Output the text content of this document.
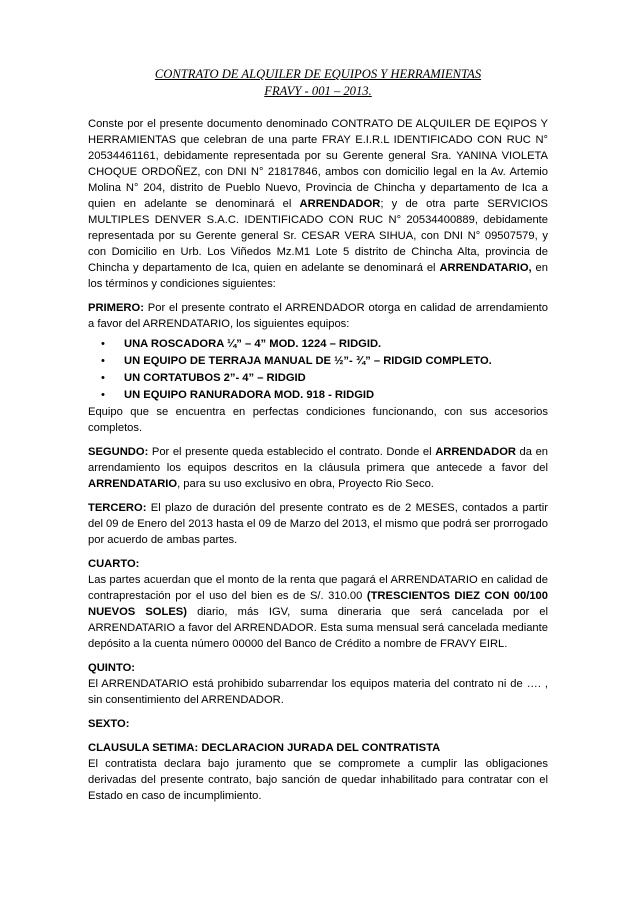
CONTRATO DE ALQUILER DE EQUIPOS Y HERRAMIENTAS
FRAVY - 001 – 2013.

Conste por el presente documento denominado CONTRATO DE ALQUILER DE EQIPOS Y HERRAMIENTAS que celebran de una parte FRAY E.I.R.L IDENTIFICADO CON RUC N° 20534461161, debidamente representada por su Gerente general Sra. YANINA VIOLETA CHOQUE ORDOÑEZ, con DNI N° 21817846, ambos con domicilio legal en la Av. Artemio Molina N° 204, distrito de Pueblo Nuevo, Provincia de Chincha y departamento de Ica a quien en adelante se denominará el ARRENDADOR; y de otra parte SERVICIOS MULTIPLES DENVER S.A.C. IDENTIFICADO CON RUC N° 20534400889, debidamente representada por su Gerente general Sr. CESAR VERA SIHUA, con DNI N° 09507579, y con Domicilio en Urb. Los Viñedos Mz.M1 Lote 5 distrito de Chincha Alta, provincia de Chincha y departamento de Ica, quien en adelante se denominará el ARRENDATARIO, en los términos y condiciones siguientes:

PRIMERO: Por el presente contrato el ARRENDADOR otorga en calidad de arrendamiento a favor del ARRENDATARIO, los siguientes equipos:

• UNA ROSCADORA ¼” – 4” MOD. 1224 – RIDGID.
• UN EQUIPO DE TERRAJA MANUAL DE ½”- ¾” – RIDGID COMPLETO.
• UN CORTATUBOS 2”- 4” – RIDGID
• UN EQUIPO RANURADORA MOD. 918 - RIDGID

Equipo que se encuentra en perfectas condiciones funcionando, con sus accesorios completos.

SEGUNDO: Por el presente queda establecido el contrato. Donde el ARRENDADOR da en arrendamiento los equipos descritos en la cláusula primera que antecede a favor del ARRENDATARIO, para su uso exclusivo en obra, Proyecto Rio Seco.

TERCERO: El plazo de duración del presente contrato es de 2 MESES, contados a partir del 09 de Enero del 2013 hasta el 09 de Marzo del 2013, el mismo que podrá ser prorrogado por acuerdo de ambas partes.

CUARTO:

Las partes acuerdan que el monto de la renta que pagará el ARRENDATARIO en calidad de contraprestación por el uso del bien es de S/. 310.00 (TRESCIENTOS DIEZ CON 00/100 NUEVOS SOLES) diario, más IGV, suma dineraria que será cancelada por el ARRENDATARIO a favor del ARRENDADOR. Esta suma mensual será cancelada mediante depósito a la cuenta número 00000 del Banco de Crédito a nombre de FRAVY EIRL.

QUINTO:

El ARRENDATARIO está prohibido subarrendar los equipos materia del contrato ni de …. , sin consentimiento del ARRENDADOR.

SEXTO:

CLAUSULA SETIMA: DECLARACION JURADA DEL CONTRATISTA

El contratista declara bajo juramento que se compromete a cumplir las obligaciones derivadas del presente contrato, bajo sanción de quedar inhabilitado para contratar con el Estado en caso de incumplimiento.
